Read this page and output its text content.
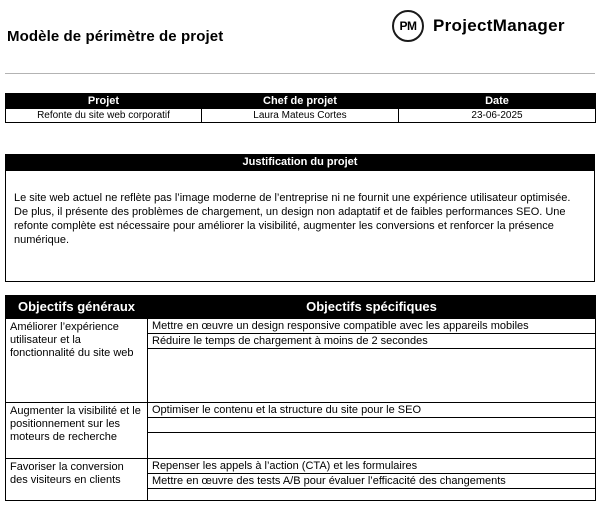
Modèle de périmètre de projet
PM ProjectManager
Projet	Chef de projet	Date
Refonte du site web corporatif	Laura Mateus Cortes	23-06-2025
Justification du projet
Le site web actuel ne reflète pas l’image moderne de l’entreprise ni ne fournit une expérience utilisateur optimisée. De plus, il présente des problèmes de chargement, un design non adaptatif et de faibles performances SEO. Une refonte complète est nécessaire pour améliorer la visibilité, augmenter les conversions et renforcer la présence numérique.
Objectifs généraux	Objectifs spécifiques
Améliorer l’expérience utilisateur et la fonctionnalité du site web	Mettre en œuvre un design responsive compatible avec les appareils mobiles
	Réduire le temps de chargement à moins de 2 secondes

Augmenter la visibilité et le positionnement sur les moteurs de recherche	Optimiser le contenu et la structure du site pour le SEO

Favoriser la conversion des visiteurs en clients	Repenser les appels à l’action (CTA) et les formulaires
	Mettre en œuvre des tests A/B pour évaluer l’efficacité des changements
